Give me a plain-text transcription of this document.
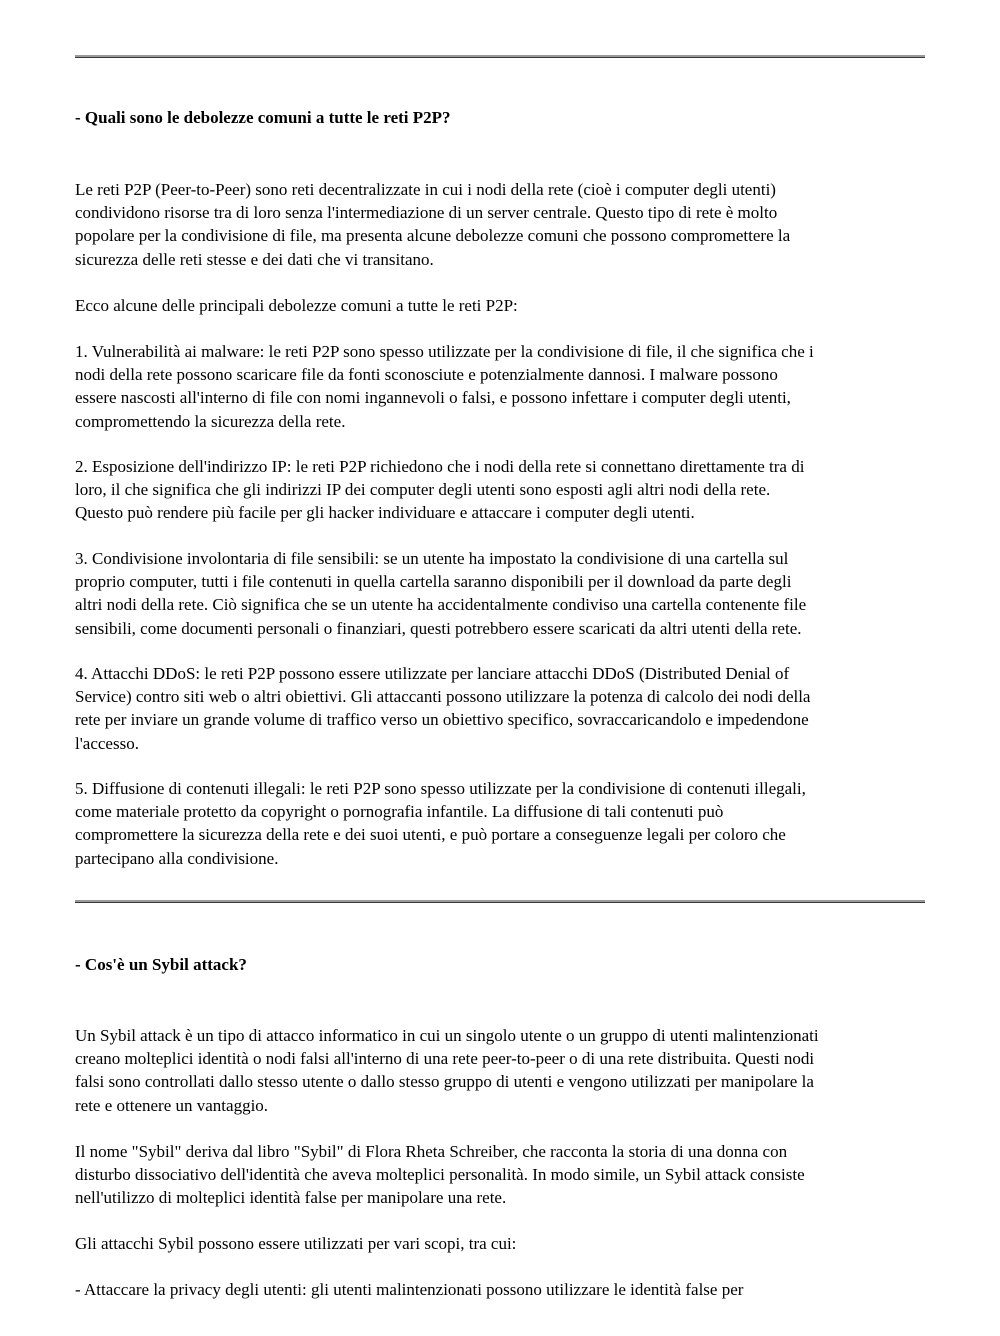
- Quali sono le debolezze comuni a tutte le reti P2P?

Le reti P2P (Peer-to-Peer) sono reti decentralizzate in cui i nodi della rete (cioè i computer degli utenti)
condividono risorse tra di loro senza l'intermediazione di un server centrale. Questo tipo di rete è molto
popolare per la condivisione di file, ma presenta alcune debolezze comuni che possono compromettere la
sicurezza delle reti stesse e dei dati che vi transitano.

Ecco alcune delle principali debolezze comuni a tutte le reti P2P:

1. Vulnerabilità ai malware: le reti P2P sono spesso utilizzate per la condivisione di file, il che significa che i
nodi della rete possono scaricare file da fonti sconosciute e potenzialmente dannosi. I malware possono
essere nascosti all'interno di file con nomi ingannevoli o falsi, e possono infettare i computer degli utenti,
compromettendo la sicurezza della rete.

2. Esposizione dell'indirizzo IP: le reti P2P richiedono che i nodi della rete si connettano direttamente tra di
loro, il che significa che gli indirizzi IP dei computer degli utenti sono esposti agli altri nodi della rete.
Questo può rendere più facile per gli hacker individuare e attaccare i computer degli utenti.

3. Condivisione involontaria di file sensibili: se un utente ha impostato la condivisione di una cartella sul
proprio computer, tutti i file contenuti in quella cartella saranno disponibili per il download da parte degli
altri nodi della rete. Ciò significa che se un utente ha accidentalmente condiviso una cartella contenente file
sensibili, come documenti personali o finanziari, questi potrebbero essere scaricati da altri utenti della rete.

4. Attacchi DDoS: le reti P2P possono essere utilizzate per lanciare attacchi DDoS (Distributed Denial of
Service) contro siti web o altri obiettivi. Gli attaccanti possono utilizzare la potenza di calcolo dei nodi della
rete per inviare un grande volume di traffico verso un obiettivo specifico, sovraccaricandolo e impedendone
l'accesso.

5. Diffusione di contenuti illegali: le reti P2P sono spesso utilizzate per la condivisione di contenuti illegali,
come materiale protetto da copyright o pornografia infantile. La diffusione di tali contenuti può
compromettere la sicurezza della rete e dei suoi utenti, e può portare a conseguenze legali per coloro che
partecipano alla condivisione.

- Cos'è un Sybil attack?

Un Sybil attack è un tipo di attacco informatico in cui un singolo utente o un gruppo di utenti malintenzionati
creano molteplici identità o nodi falsi all'interno di una rete peer-to-peer o di una rete distribuita. Questi nodi
falsi sono controllati dallo stesso utente o dallo stesso gruppo di utenti e vengono utilizzati per manipolare la
rete e ottenere un vantaggio.

Il nome "Sybil" deriva dal libro "Sybil" di Flora Rheta Schreiber, che racconta la storia di una donna con
disturbo dissociativo dell'identità che aveva molteplici personalità. In modo simile, un Sybil attack consiste
nell'utilizzo di molteplici identità false per manipolare una rete.

Gli attacchi Sybil possono essere utilizzati per vari scopi, tra cui:

- Attaccare la privacy degli utenti: gli utenti malintenzionati possono utilizzare le identità false per
